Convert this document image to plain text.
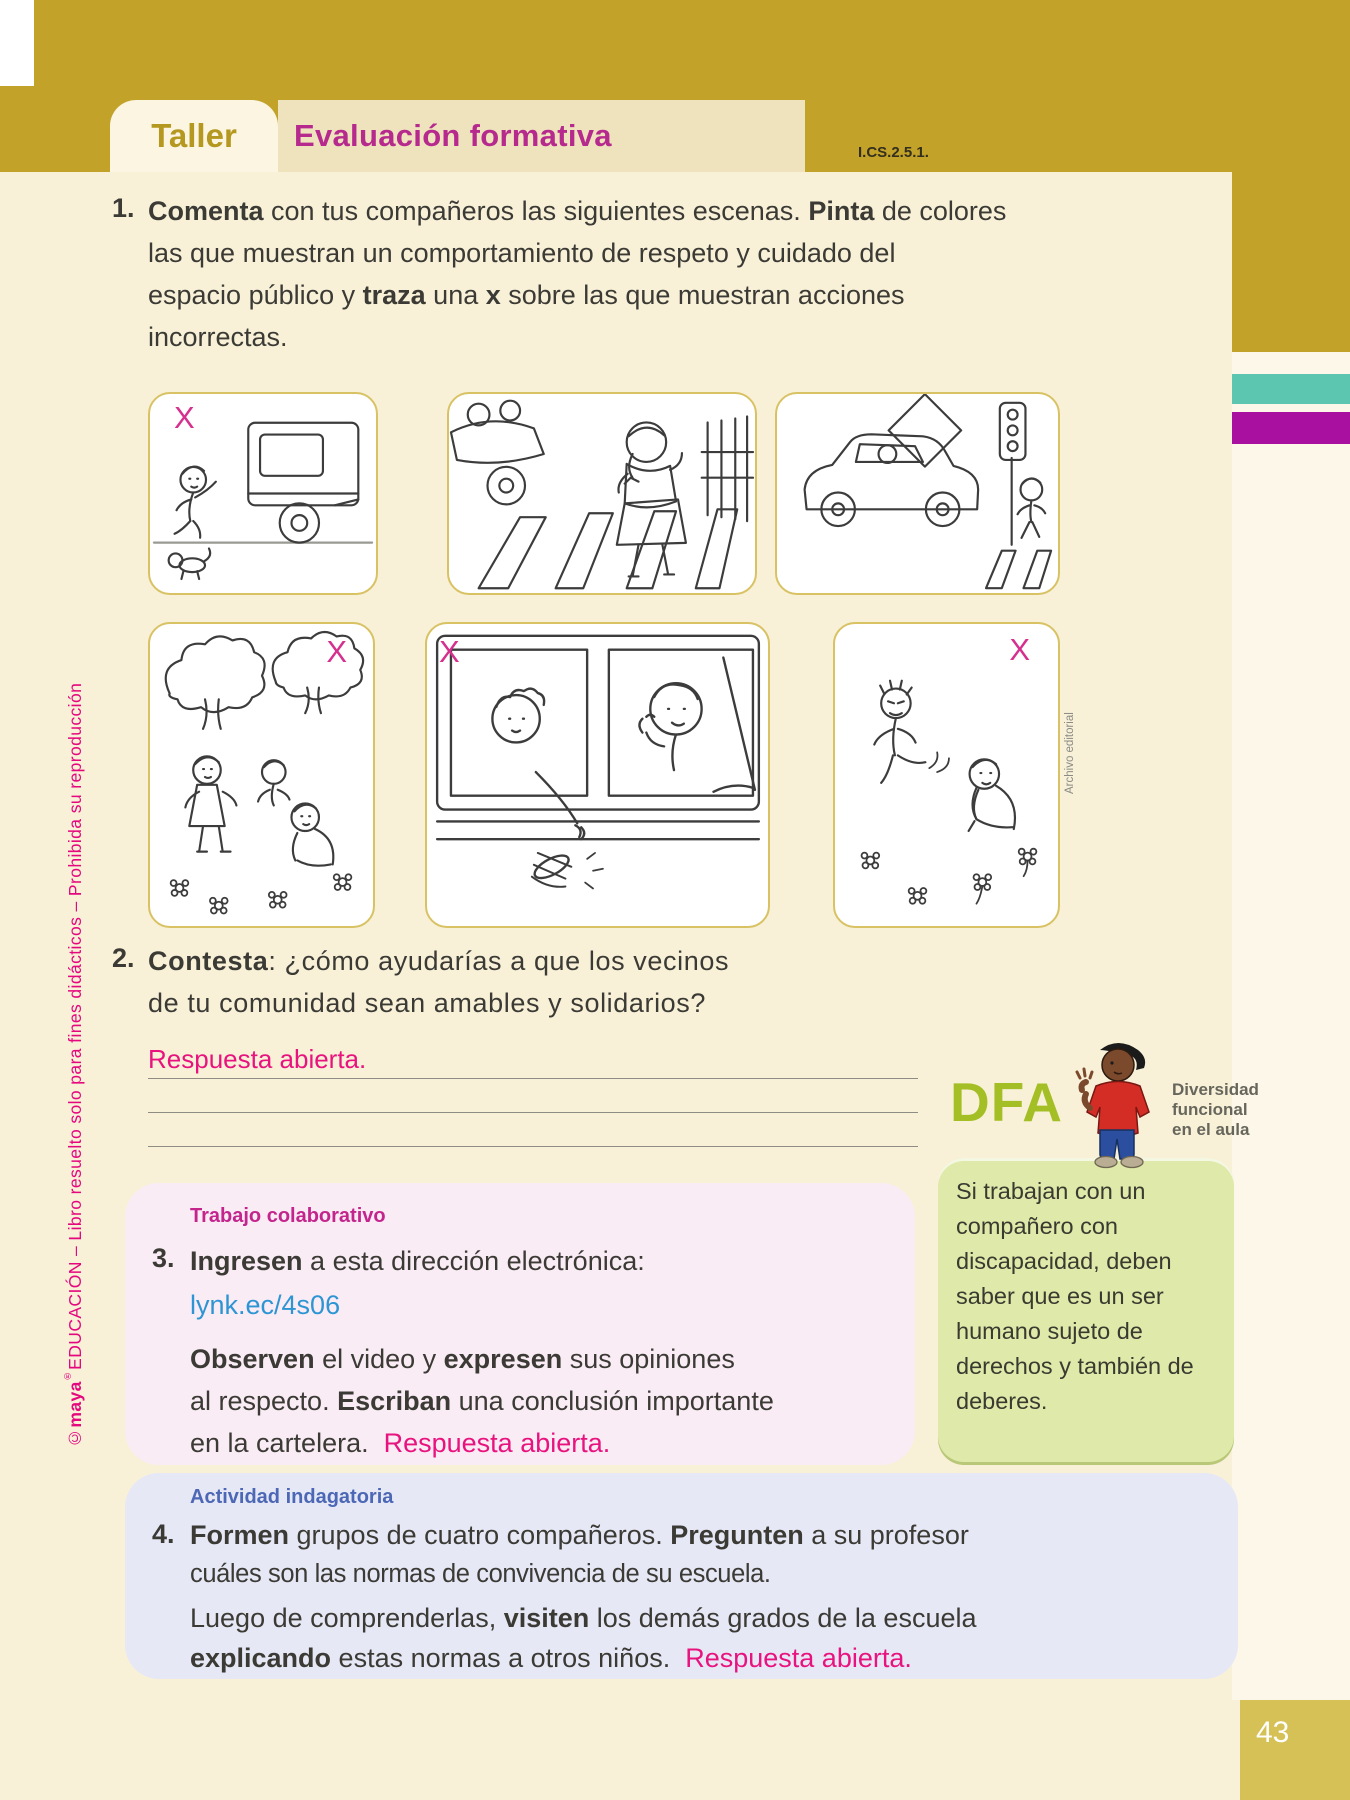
Taller Evaluación formativa	I.CS.2.5.1.
43
©maya®EDUCACIÓN – Libro resuelto solo para fines didácticos – Prohibida su reproducción	Archivo editorial
1. Comenta con tus compañeros las siguientes escenas. Pinta de colores
las que muestran un comportamiento de respeto y cuidado del
espacio público y traza una x sobre las que muestran acciones
incorrectas.
X
X	X	X
2. Contesta: ¿cómo ayudarías a que los vecinos
de tu comunidad sean amables y solidarios?
Respuesta abierta.
DFA	Diversidad
funcional
en el aula
Si trabajan con un compañero con discapacidad, deben saber que es un ser humano sujeto de derechos y también de deberes.
Trabajo colaborativo
3. Ingresen a esta dirección electrónica:
lynk.ec/4s06
Observen el video y expresen sus opiniones
al respecto. Escriban una conclusión importante
en la cartelera.  Respuesta abierta.
Actividad indagatoria
4. Formen grupos de cuatro compañeros. Pregunten a su profesor
cuáles son las normas de convivencia de su escuela.
Luego de comprenderlas, visiten los demás grados de la escuela
explicando estas normas a otros niños.  Respuesta abierta.
